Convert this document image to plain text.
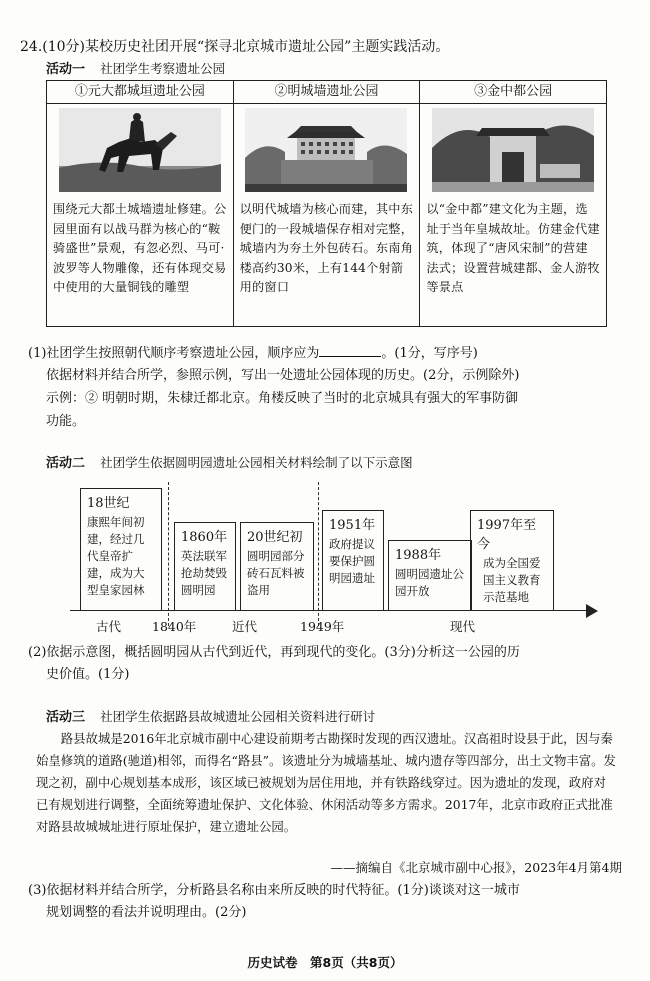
24.(10分)某校历史社团开展“探寻北京城市遗址公园”主题实践活动。
活动一 社团学生考察遗址公园
①元大都城垣遗址公园
围绕元大都土城墙遗址修建。公园里面有以战马群为核心的“鞍骑盛世”景观，有忽必烈、马可·波罗等人物雕像，还有体现交易中使用的大量铜钱的雕塑

②明城墙遗址公园
以明代城墙为核心而建，其中东便门的一段城墙保存相对完整，城墙内为夯土外包砖石。东南角楼高约30米，上有144个射箭用的窗口

③金中都公园
以“金中都”建文化为主题，选址于当年皇城故址。仿建金代建筑，体现了“唐风宋制”的营建法式；设置营城建都、金人游牧等景点
(1)社团学生按照朝代顺序考察遗址公园，顺序应为	。(1分，写序号)
依据材料并结合所学，参照示例，写出一处遗址公园体现的历史。(2分，示例除外)
示例：② 明朝时期，朱棣迁都北京。角楼反映了当时的北京城具有强大的军事防御
功能。
活动二 社团学生依据圆明园遗址公园相关材料绘制了以下示意图
18世纪
康熙年间初建，经过几代皇帝扩建，成为大型皇家园林
1860年
英法联军抢劫焚毁圆明园
20世纪初
圆明园部分砖石瓦料被盗用
1951年
政府提议要保护圆明园遗址
1988年
圆明园遗址公园开放
1997年至今
成为全国爱国主义教育示范基地
古代 1840年	近代	1949年	现代
(2)依据示意图，概括圆明园从古代到近代，再到现代的变化。(3分)分析这一公园的历
史价值。(1分)
活动三 社团学生依据路县故城遗址公园相关资料进行研讨
路县故城是2016年北京城市副中心建设前期考古勘探时发现的西汉遗址。汉高祖时设县于此，因与秦始皇修筑的道路(驰道)相邻，而得名“路县”。该遗址分为城墙基址、城内遗存等四部分，出土文物丰富。发现之初，副中心规划基本成形，该区域已被规划为居住用地，并有铁路线穿过。因为遗址的发现，政府对已有规划进行调整，全面统筹遗址保护、文化体验、休闲活动等多方需求。2017年，北京市政府正式批准对路县故城城址进行原址保护，建立遗址公园。
——摘编自《北京城市副中心报》，2023年4月第4期
(3)依据材料并结合所学，分析路县名称由来所反映的时代特征。(1分)谈谈对这一城市
规划调整的看法并说明理由。(2分)
历史试卷　第8页（共8页）
